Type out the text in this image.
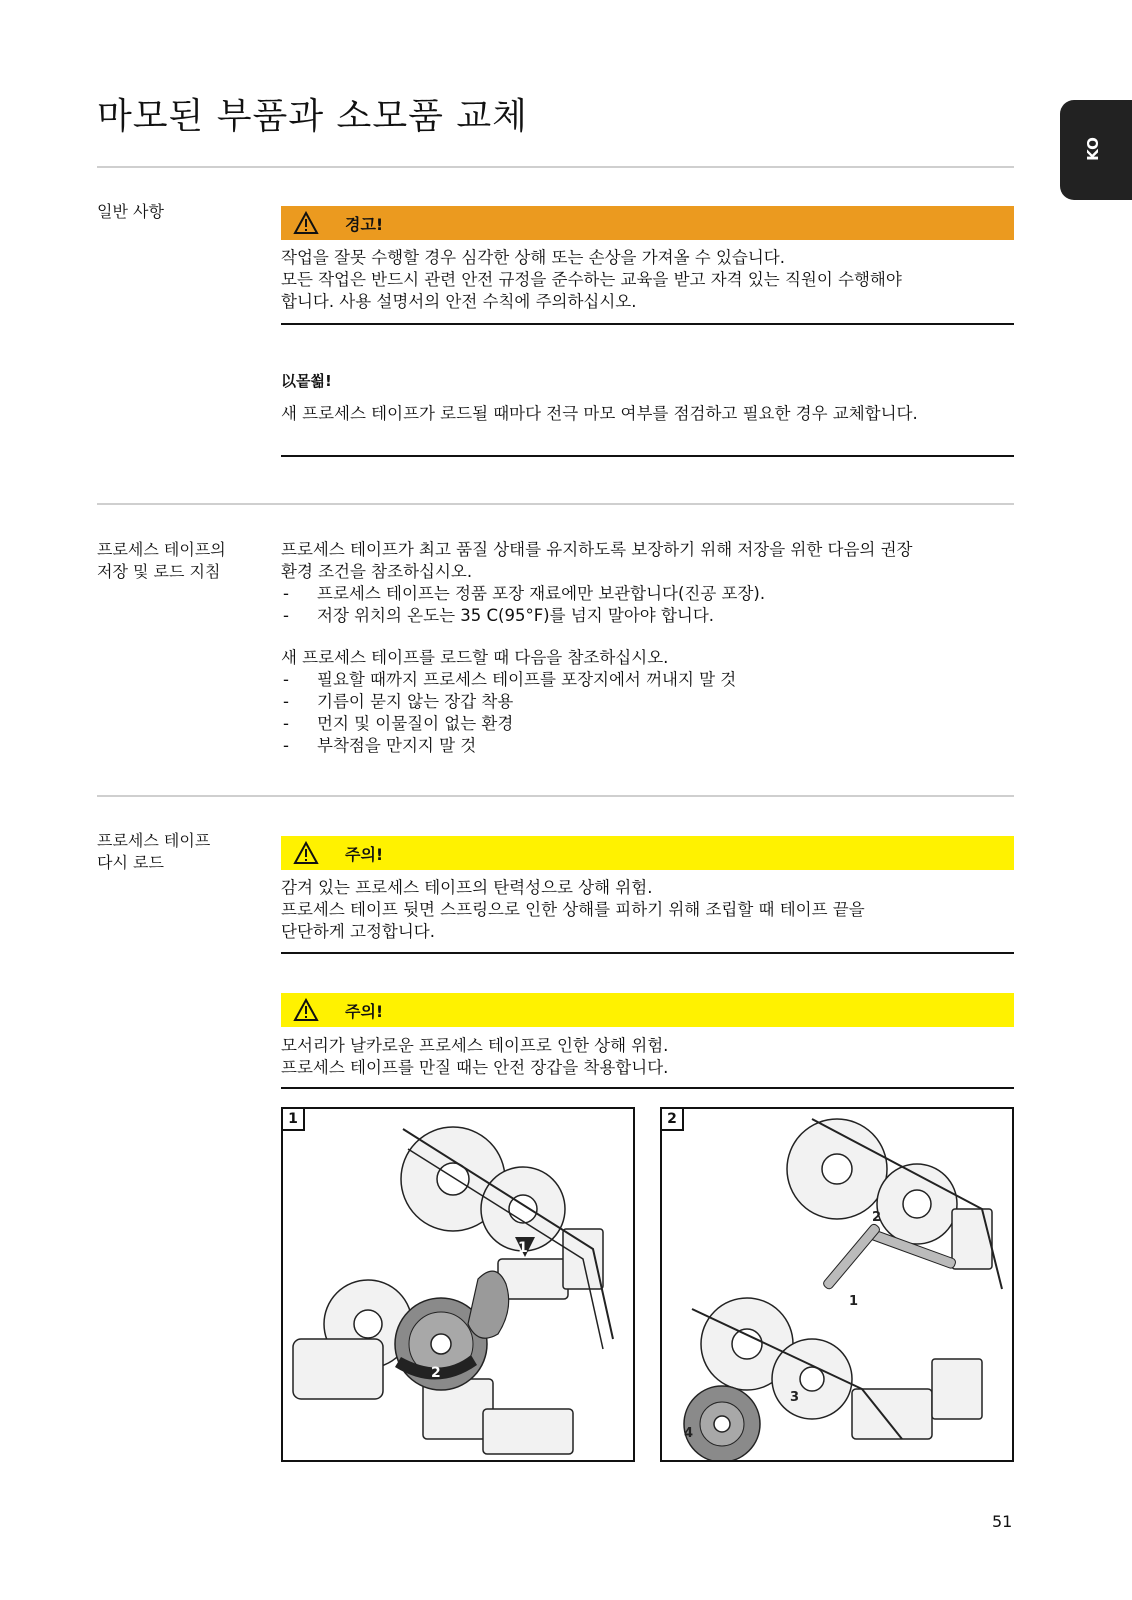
마모된 부품과 소모품 교체
KO
일반 사항
경고!

작업을 잘못 수행할 경우 심각한 상해 또는 손상을 가져올 수 있습니다.

모든 작업은 반드시 관련 안전 규정을 준수하는 교육을 받고 자격 있는 직원이 수행해야

합니다. 사용 설명서의 안전 수칙에 주의하십시오.

以뫁쐶!
새 프로세스 테이프가 로드될 때마다 전극 마모 여부를 점검하고 필요한 경우 교체합니다.
프로세스 테이프의
저장 및 로드 지침

프로세스 테이프가 최고 품질 상태를 유지하도록 보장하기 위해 저장을 위한 다음의 권장

환경 조건을 참조하십시오.

- 프로세스 테이프는 정품 포장 재료에만 보관합니다(진공 포장).

- 저장 위치의 온도는 35 C(95°F)를 넘지 말아야 합니다.

새 프로세스 테이프를 로드할 때 다음을 참조하십시오.

- 필요할 때까지 프로세스 테이프를 포장지에서 꺼내지 말 것

- 기름이 묻지 않는 장갑 착용

- 먼지 및 이물질이 없는 환경

- 부착점을 만지지 말 것

프로세스 테이프
다시 로드	주의!

감겨 있는 프로세스 테이프의 탄력성으로 상해 위험.

프로세스 테이프 뒷면 스프링으로 인한 상해를 피하기 위해 조립할 때 테이프 끝을

단단하게 고정합니다.

주의!

모서리가 날카로운 프로세스 테이프로 인한 상해 위험.

프로세스 테이프를 만질 때는 안전 장갑을 착용합니다.

1
2
1
1
2
3
4
2
51
